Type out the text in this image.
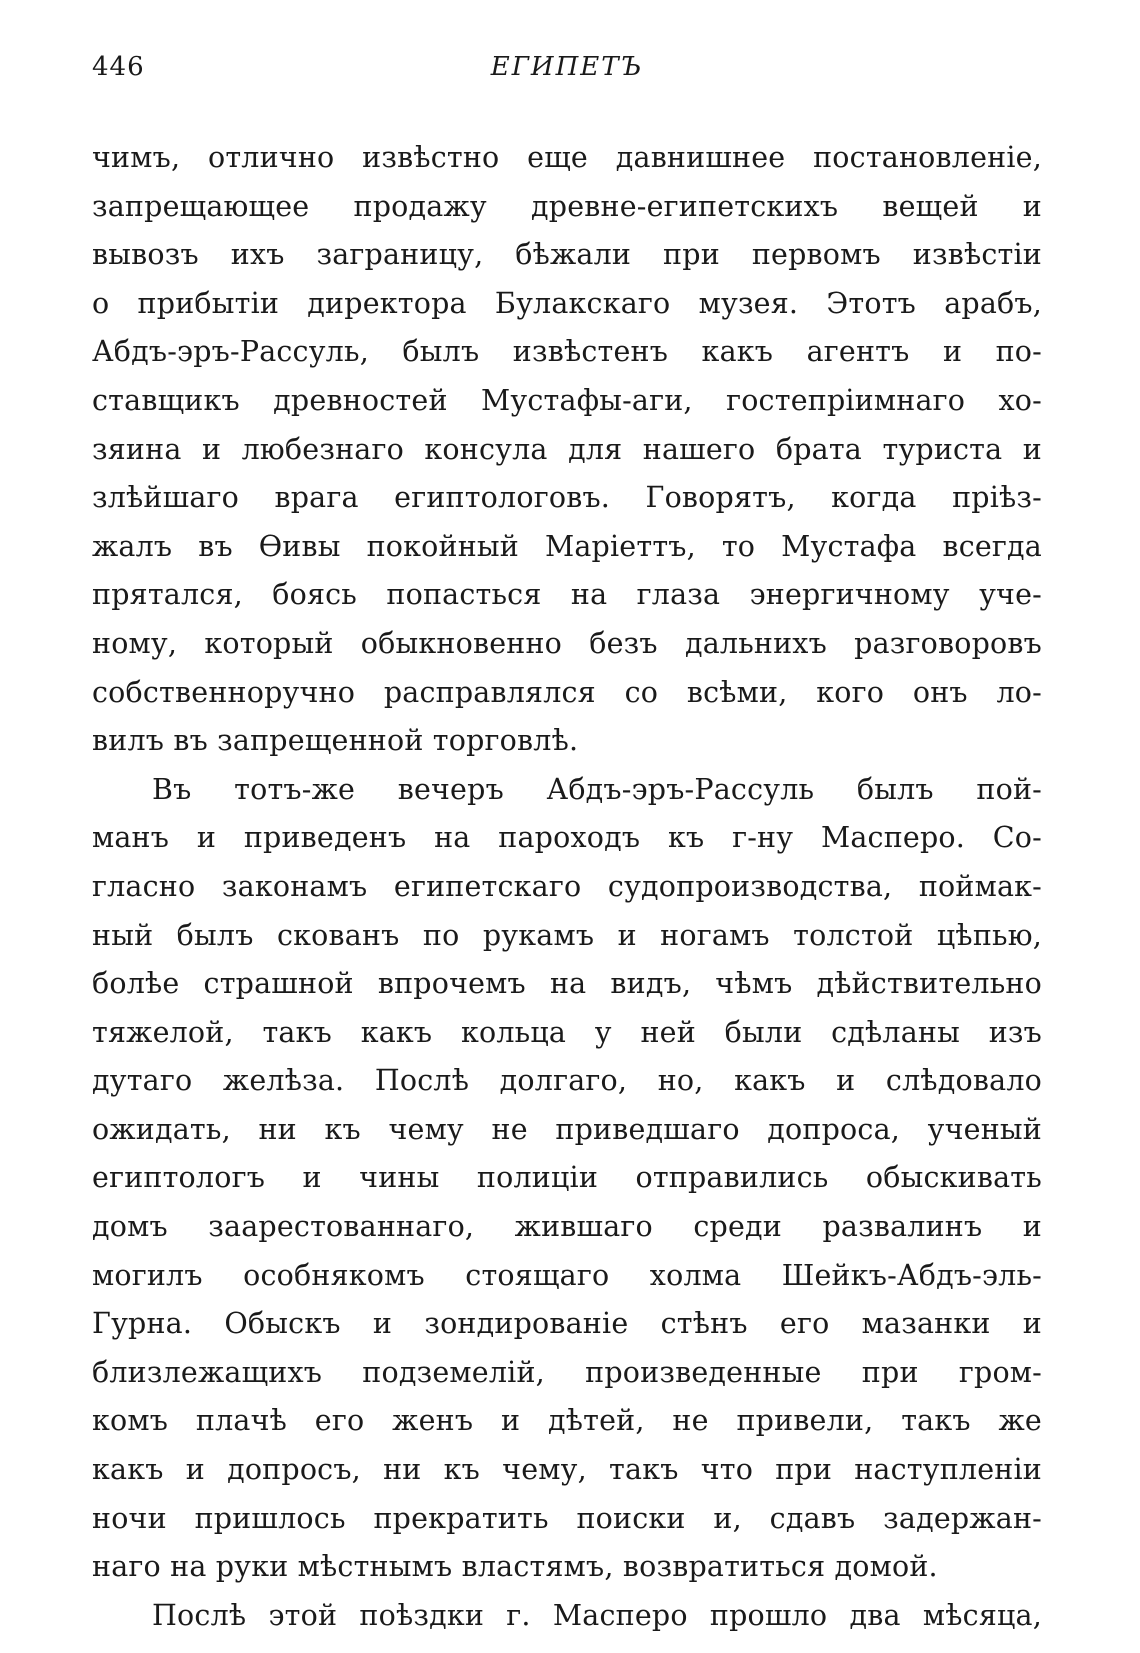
446	ЕГИПЕТЪ
чимъ, отлично извѣстно еще давнишнее постановленіе,
запрещающее продажу древне-египетскихъ вещей и
вывозъ ихъ заграницу, бѣжали при первомъ извѣстіи
о прибытіи директора Булакскаго музея. Этотъ арабъ,
Абдъ-эръ-Рассуль, былъ извѣстенъ какъ агентъ и по-
ставщикъ древностей Мустафы-аги, гостепріимнаго хо-
зяина и любезнаго консула для нашего брата туриста и
злѣйшаго врага египтологовъ. Говорятъ, когда пріѣз-
жалъ въ Ѳивы покойный Маріеттъ, то Мустафа всегда
прятался, боясь попасться на глаза энергичному уче-
ному, который обыкновенно безъ дальнихъ разговоровъ
собственноручно расправлялся со всѣми, кого онъ ло-
вилъ въ запрещенной торговлѣ.
Въ тотъ-же вечеръ Абдъ-эръ-Рассуль былъ пой-
манъ и приведенъ на пароходъ къ г-ну Масперо. Со-
гласно законамъ египетскаго судопроизводства, поймак-
ный былъ скованъ по рукамъ и ногамъ толстой цѣпью,
болѣе страшной впрочемъ на видъ, чѣмъ дѣйствительно
тяжелой, такъ какъ кольца у ней были сдѣланы изъ
дутаго желѣза. Послѣ долгаго, но, какъ и слѣдовало
ожидать, ни къ чему не приведшаго допроса, ученый
египтологъ и чины полиціи отправились обыскивать
домъ заарестованнаго, жившаго среди развалинъ и
могилъ особнякомъ стоящаго холма Шейкъ-Абдъ-эль-
Гурна. Обыскъ и зондированіе стѣнъ его мазанки и
близлежащихъ подземелій, произведенные при гром-
комъ плачѣ его женъ и дѣтей, не привели, такъ же
какъ и допросъ, ни къ чему, такъ что при наступленіи
ночи пришлось прекратить поиски и, сдавъ задержан-
наго на руки мѣстнымъ властямъ, возвратиться домой.
Послѣ этой поѣздки г. Масперо прошло два мѣсяца,
